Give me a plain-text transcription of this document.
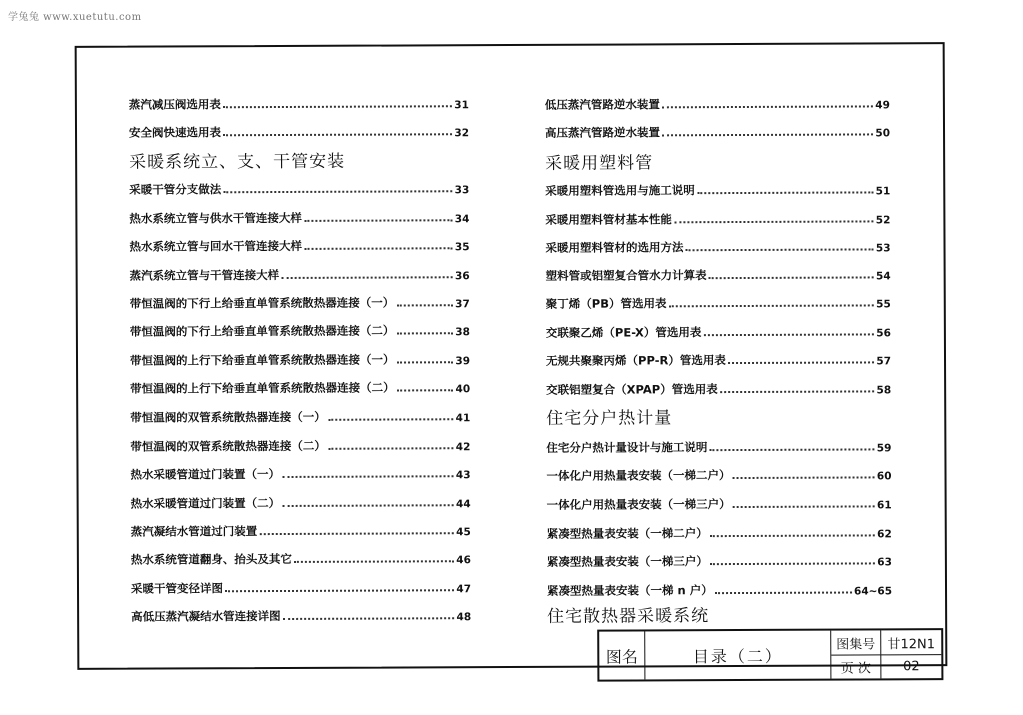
学兔兔 www.xuetutu.com
蒸汽减压阀选用表	31
安全阀快速选用表	32
采暖系统立、支、干管安装
采暖干管分支做法	33
热水系统立管与供水干管连接大样	34
热水系统立管与回水干管连接大样	35
蒸汽系统立管与干管连接大样	36
带恒温阀的下行上给垂直单管系统散热器连接（一）	37
带恒温阀的下行上给垂直单管系统散热器连接（二）	38
带恒温阀的上行下给垂直单管系统散热器连接（一）	39
带恒温阀的上行下给垂直单管系统散热器连接（二）	40
带恒温阀的双管系统散热器连接（一）	41
带恒温阀的双管系统散热器连接（二）	42
热水采暖管道过门装置（一）	43
热水采暖管道过门装置（二）	44
蒸汽凝结水管道过门装置	45
热水系统管道翻身、抬头及其它	46
采暖干管变径详图	47
高低压蒸汽凝结水管连接详图	48
低压蒸汽管路逆水装置	49
高压蒸汽管路逆水装置	50
采暖用塑料管
采暖用塑料管选用与施工说明	51
采暖用塑料管材基本性能	52
采暖用塑料管材的选用方法	53
塑料管或铝塑复合管水力计算表	54
聚丁烯（PB）管选用表	55
交联聚乙烯（PE-X）管选用表	56
无规共聚聚丙烯（PP-R）管选用表	57
交联铝塑复合（XPAP）管选用表	58
住宅分户热计量
住宅分户热计量设计与施工说明	59
一体化户用热量表安装（一梯二户）	60
一体化户用热量表安装（一梯三户）	61
紧凑型热量表安装（一梯二户）	62
紧凑型热量表安装（一梯三户）	63
紧凑型热量表安装（一梯 n 户）	64~65
住宅散热器采暖系统
图名	目录（二）
图集号 甘12N1
页 次	02
